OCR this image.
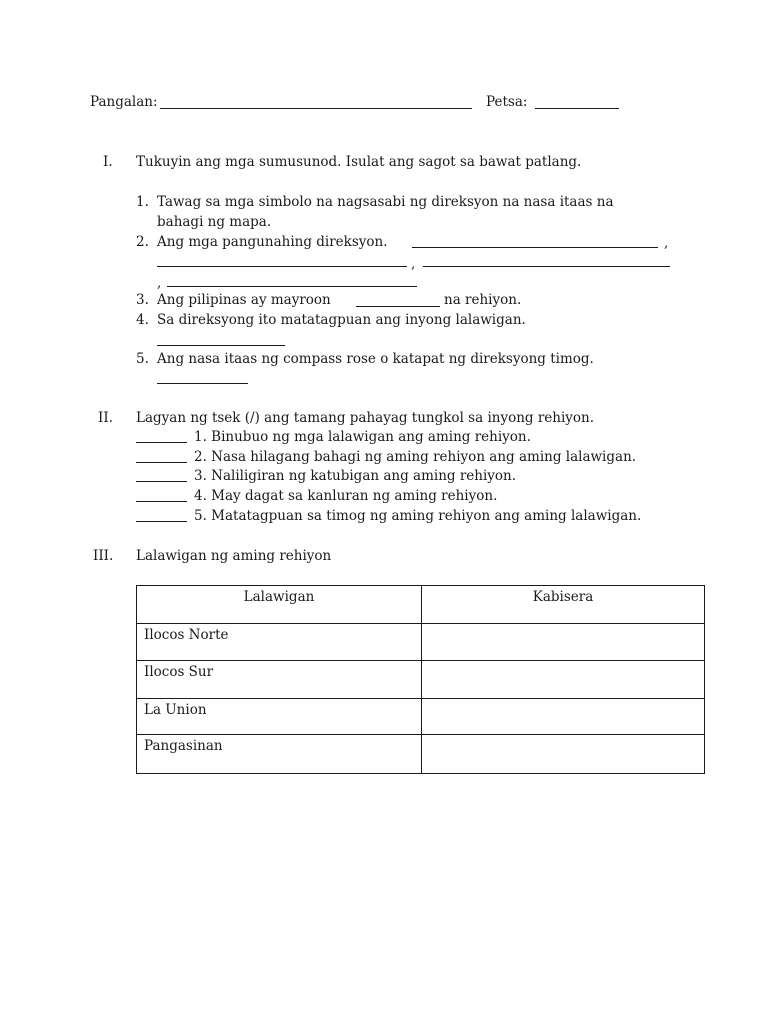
Pangalan:	Petsa:
I. Tukuyin ang mga sumusunod. Isulat ang sagot sa bawat patlang.
1. Tawag sa mga simbolo na nagsasabi ng direksyon na nasa itaas na
bahagi ng mapa.
2. Ang mga pangunahing direksyon.	,
,
,
3. Ang pilipinas ay mayroon	na rehiyon.
4. Sa direksyong ito matatagpuan ang inyong lalawigan.
5. Ang nasa itaas ng compass rose o katapat ng direksyong timog.
II. Lagyan ng tsek (/) ang tamang pahayag tungkol sa inyong rehiyon.
1. Binubuo ng mga lalawigan ang aming rehiyon.
2. Nasa hilagang bahagi ng aming rehiyon ang aming lalawigan.
3. Naliligiran ng katubigan ang aming rehiyon.
4. May dagat sa kanluran ng aming rehiyon.
5. Matatagpuan sa timog ng aming rehiyon ang aming lalawigan.
III. Lalawigan ng aming rehiyon
Lalawigan	Kabisera
Ilocos Norte	
Ilocos Sur	
La Union	
Pangasinan	
